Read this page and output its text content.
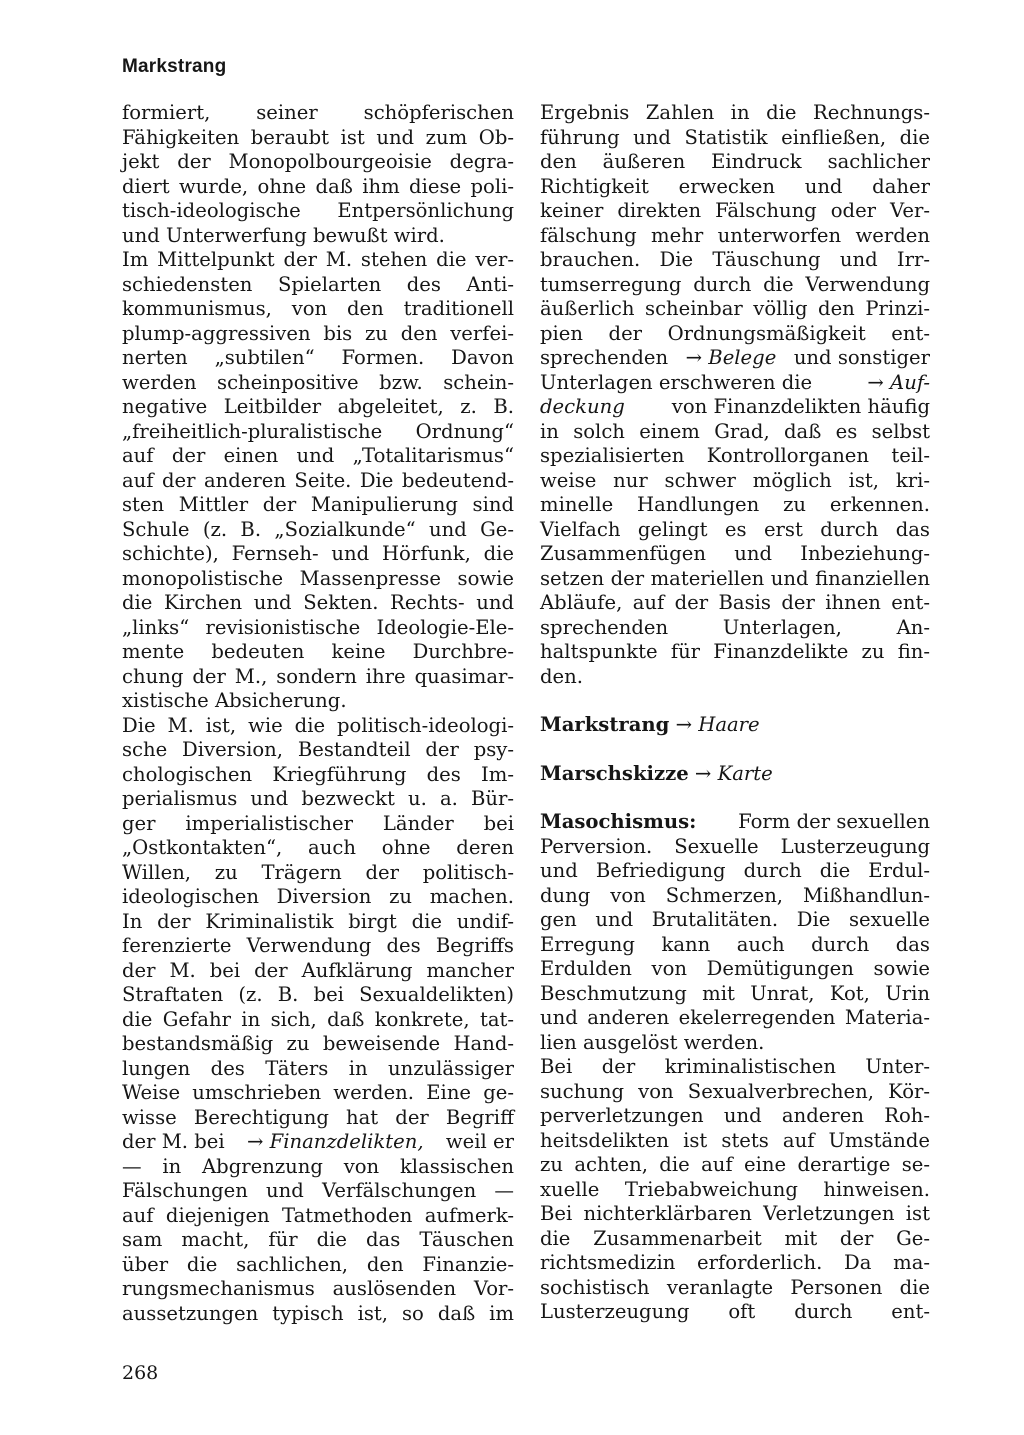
Markstrang
formiert, seiner schöpferischen
Fähigkeiten beraubt ist und zum Ob-
jekt der Monopolbourgeoisie degra-
diert wurde, ohne daß ihm diese poli-
tisch-ideologische Entpersönlichung
und Unterwerfung bewußt wird.
Im Mittelpunkt der M. stehen die ver-
schiedensten Spielarten des Anti-
kommunismus, von den traditionell
plump-aggressiven bis zu den verfei-
nerten „subtilen“ Formen. Davon
werden scheinpositive bzw. schein-
negative Leitbilder abgeleitet, z. B.
„freiheitlich-pluralistische Ordnung“
auf der einen und „Totalitarismus“
auf der anderen Seite. Die bedeutend-
sten Mittler der Manipulierung sind
Schule (z. B. „Sozialkunde“ und Ge-
schichte), Fernseh- und Hörfunk, die
monopolistische Massenpresse sowie
die Kirchen und Sekten. Rechts- und
„links“ revisionistische Ideologie-Ele-
mente bedeuten keine Durchbre-
chung der M., sondern ihre quasimar-
xistische Absicherung.
Die M. ist, wie die politisch-ideologi-
sche Diversion, Bestandteil der psy-
chologischen Kriegführung des Im-
perialismus und bezweckt u. a. Bür-
ger imperialistischer Länder bei
„Ostkontakten“, auch ohne deren
Willen, zu Trägern der politisch-
ideologischen Diversion zu machen.
In der Kriminalistik birgt die undif-
ferenzierte Verwendung des Begriffs
der M. bei der Aufklärung mancher
Straftaten (z. B. bei Sexualdelikten)
die Gefahr in sich, daß konkrete, tat-
bestandsmäßig zu beweisende Hand-
lungen des Täters in unzulässiger
Weise umschrieben werden. Eine ge-
wisse Berechtigung hat der Begriff
der M. bei → Finanzdelikten, weil er
— in Abgrenzung von klassischen
Fälschungen und Verfälschungen —
auf diejenigen Tatmethoden aufmerk-
sam macht, für die das Täuschen
über die sachlichen, den Finanzie-
rungsmechanismus auslösenden Vor-
aussetzungen typisch ist, so daß im
Ergebnis Zahlen in die Rechnungs-
führung und Statistik einfließen, die
den äußeren Eindruck sachlicher
Richtigkeit erwecken und daher
keiner direkten Fälschung oder Ver-
fälschung mehr unterworfen werden
brauchen. Die Täuschung und Irr-
tumserregung durch die Verwendung
äußerlich scheinbar völlig den Prinzi-
pien der Ordnungsmäßigkeit ent-
sprechenden → Belege und sonstiger
Unterlagen erschweren die	→ Auf-
deckung von Finanzdelikten häufig
in solch einem Grad, daß es selbst
spezialisierten Kontrollorganen teil-
weise nur schwer möglich ist, kri-
minelle Handlungen zu erkennen.
Vielfach gelingt es erst durch das
Zusammenfügen und Inbeziehung-
setzen der materiellen und finanziellen
Abläufe, auf der Basis der ihnen ent-
sprechenden Unterlagen, An-
haltspunkte für Finanzdelikte zu fin-
den.
Markstrang → Haare
Marschskizze → Karte
Masochismus: Form der sexuellen
Perversion. Sexuelle Lusterzeugung
und Befriedigung durch die Erdul-
dung von Schmerzen, Mißhandlun-
gen und Brutalitäten. Die sexuelle
Erregung kann auch durch das
Erdulden von Demütigungen sowie
Beschmutzung mit Unrat, Kot, Urin
und anderen ekelerregenden Materia-
lien ausgelöst werden.
Bei der kriminalistischen Unter-
suchung von Sexualverbrechen, Kör-
perverletzungen und anderen Roh-
heitsdelikten ist stets auf Umstände
zu achten, die auf eine derartige se-
xuelle Triebabweichung hinweisen.
Bei nichterklärbaren Verletzungen ist
die Zusammenarbeit mit der Ge-
richtsmedizin erforderlich. Da ma-
sochistisch veranlagte Personen die
Lusterzeugung oft durch ent-
268
